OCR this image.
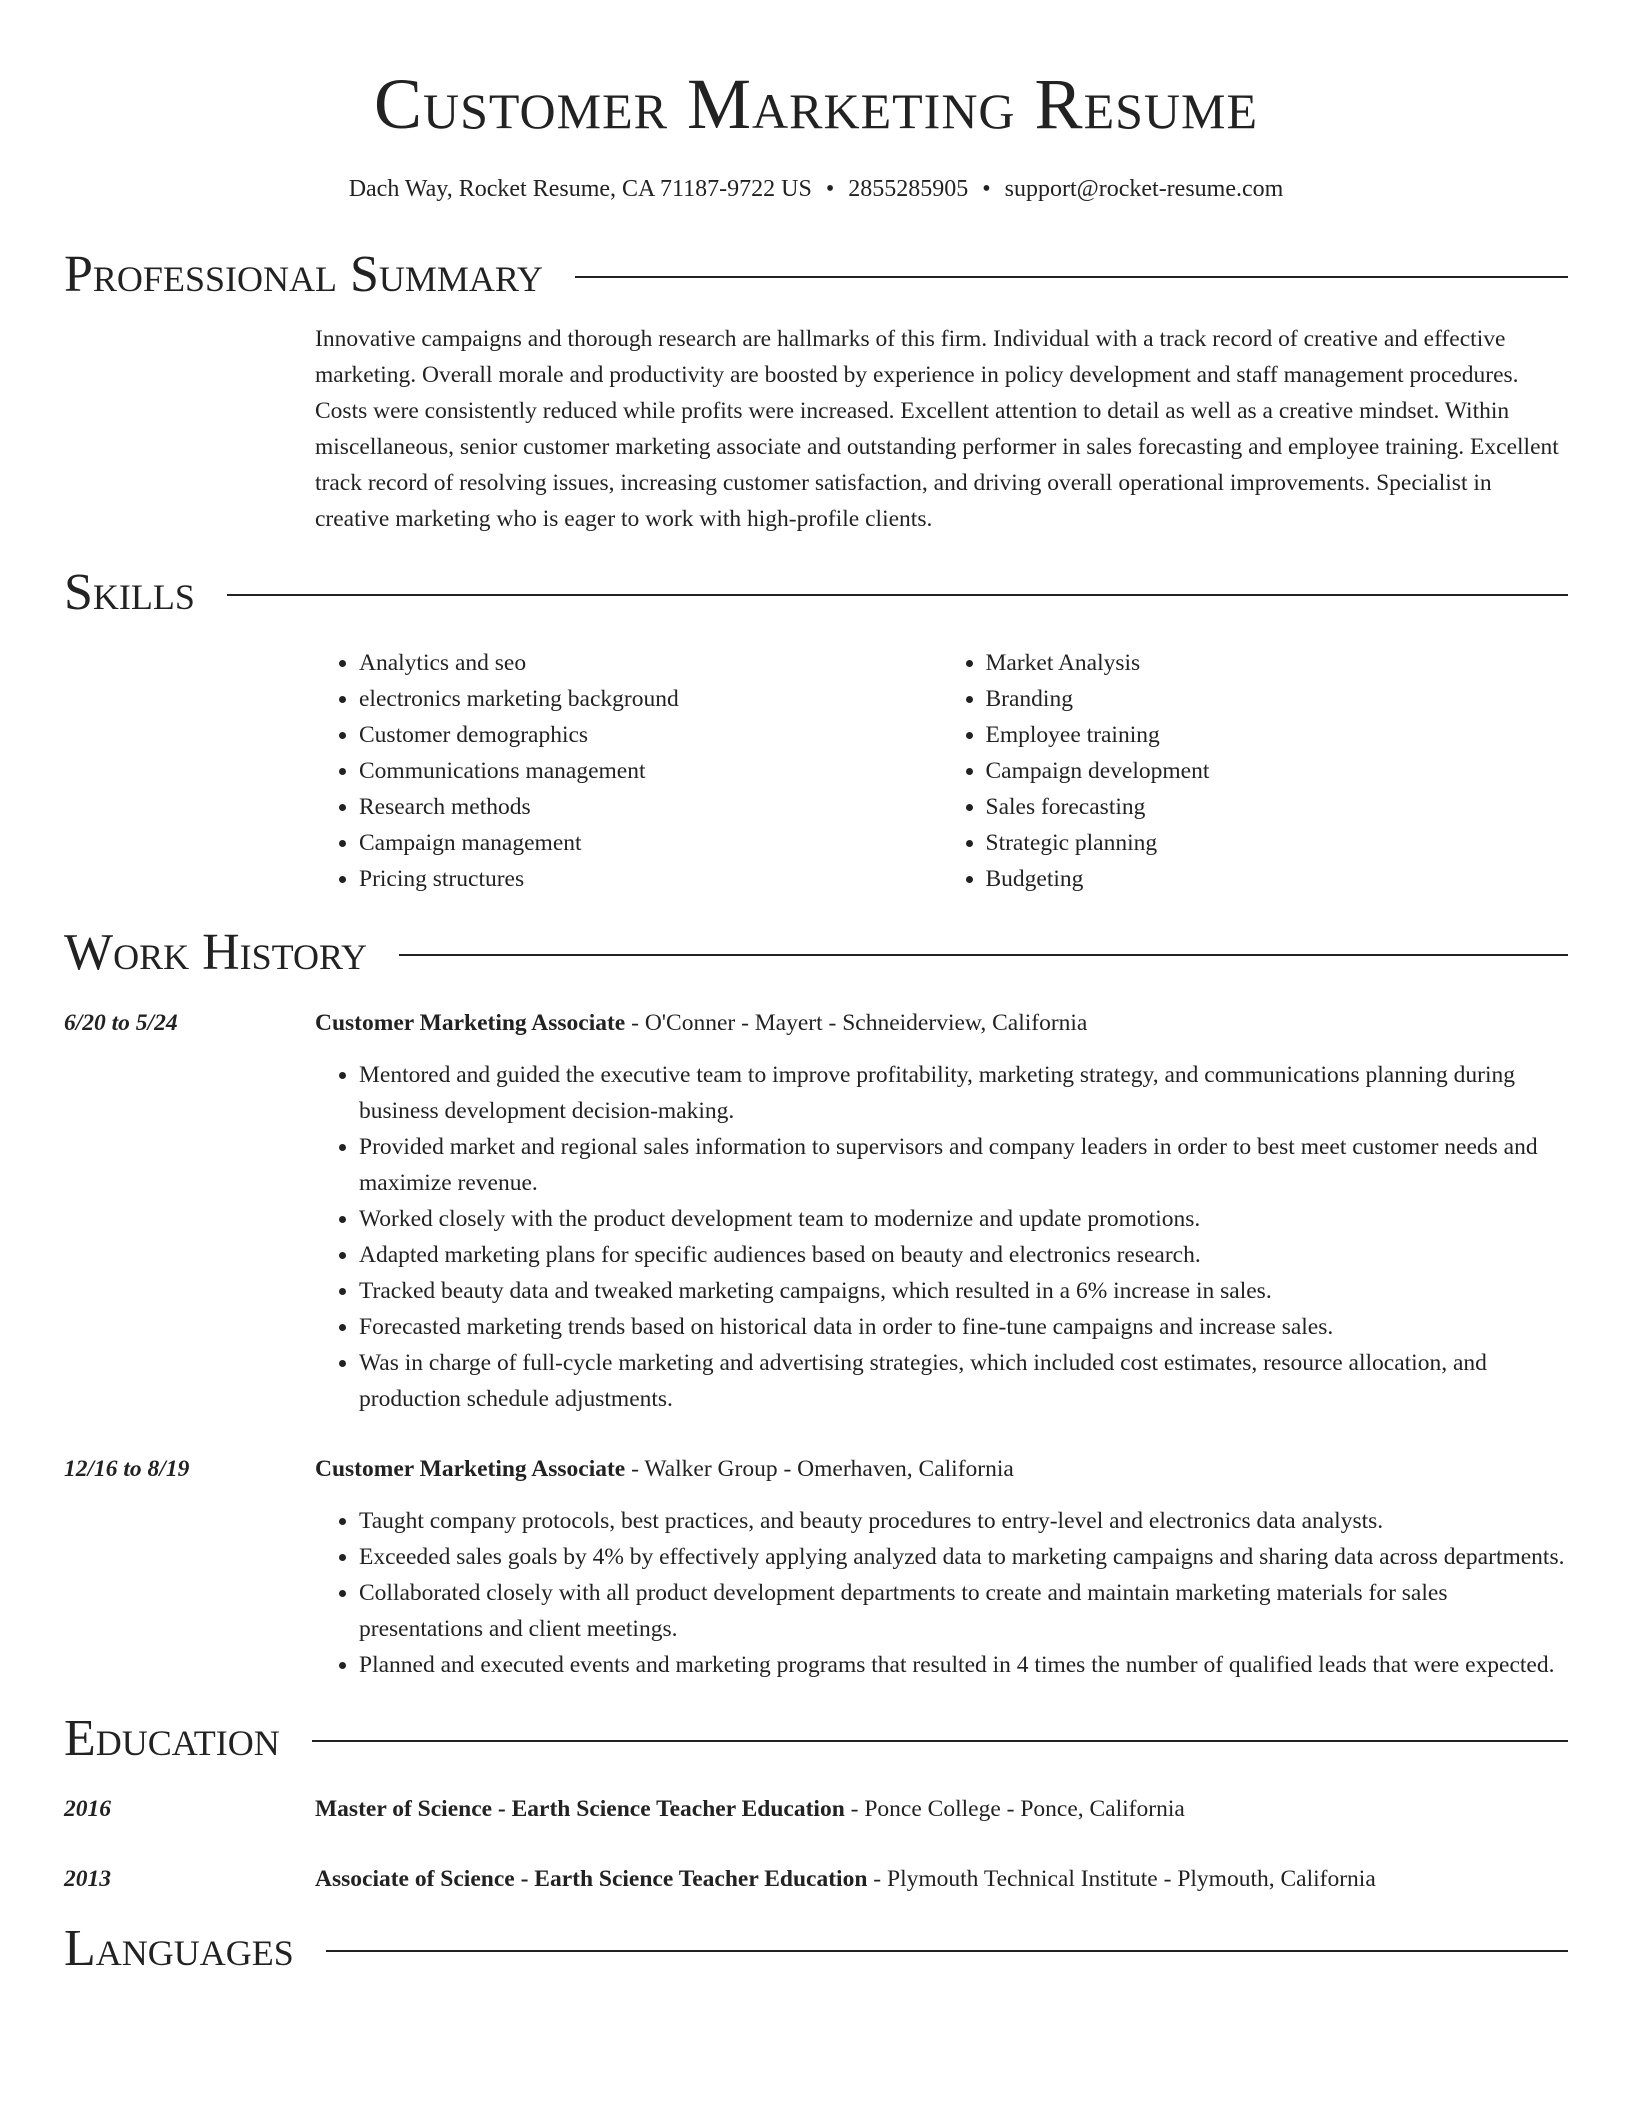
Customer Marketing Resume
Dach Way, Rocket Resume, CA 71187-9722 US • 2855285905 • support@rocket-resume.com
Professional Summary
Innovative campaigns and thorough research are hallmarks of this firm. Individual with a track record of creative and effective marketing. Overall morale and productivity are boosted by experience in policy development and staff management procedures. Costs were consistently reduced while profits were increased. Excellent attention to detail as well as a creative mindset. Within miscellaneous, senior customer marketing associate and outstanding performer in sales forecasting and employee training. Excellent track record of resolving issues, increasing customer satisfaction, and driving overall operational improvements. Specialist in creative marketing who is eager to work with high-profile clients.
Skills
• Analytics and seo
• electronics marketing background
• Customer demographics
• Communications management
• Research methods
• Campaign management
• Pricing structures
• Market Analysis
• Branding
• Employee training
• Campaign development
• Sales forecasting
• Strategic planning
• Budgeting
Work History
6/20 to 5/24	Customer Marketing Associate - O'Conner - Mayert - Schneiderview, California
• Mentored and guided the executive team to improve profitability, marketing strategy, and communications planning during business development decision-making.
• Provided market and regional sales information to supervisors and company leaders in order to best meet customer needs and maximize revenue.
• Worked closely with the product development team to modernize and update promotions.
• Adapted marketing plans for specific audiences based on beauty and electronics research.
• Tracked beauty data and tweaked marketing campaigns, which resulted in a 6% increase in sales.
• Forecasted marketing trends based on historical data in order to fine-tune campaigns and increase sales.
• Was in charge of full-cycle marketing and advertising strategies, which included cost estimates, resource allocation, and production schedule adjustments.
12/16 to 8/19	Customer Marketing Associate - Walker Group - Omerhaven, California
• Taught company protocols, best practices, and beauty procedures to entry-level and electronics data analysts.
• Exceeded sales goals by 4% by effectively applying analyzed data to marketing campaigns and sharing data across departments.
• Collaborated closely with all product development departments to create and maintain marketing materials for sales presentations and client meetings.
• Planned and executed events and marketing programs that resulted in 4 times the number of qualified leads that were expected.
Education
2016	Master of Science - Earth Science Teacher Education - Ponce College - Ponce, California
2013	Associate of Science - Earth Science Teacher Education - Plymouth Technical Institute - Plymouth, California
Languages
